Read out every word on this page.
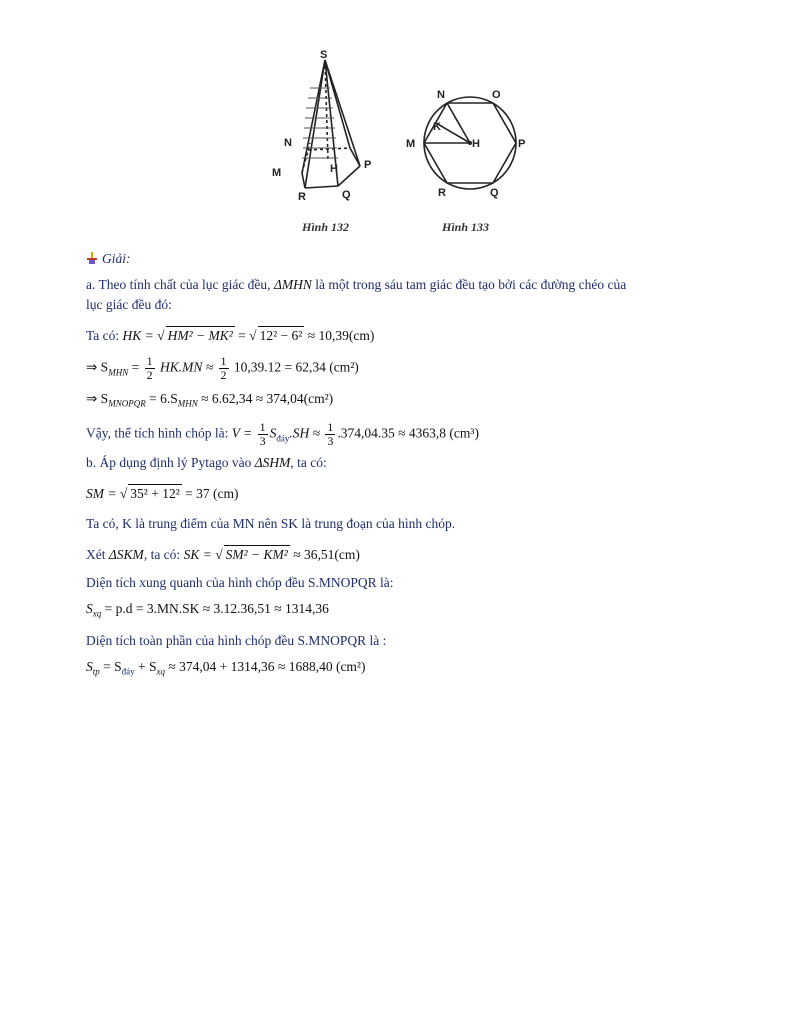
S
N
M
R
H
Q
P
N	O
K
M	H	P
R	Q
Hình 132	Hình 133

Giải:

a. Theo tính chất của lục giác đều, ΔMHN là một trong sáu tam giác đều tạo bởi các đường chéo của

lục giác đều đó:

Ta có: HK = √ HM² − MK² = √ 12² − 6² ≈ 10,39(cm)

⇒ $S_{MHN} = \frac{1}{2} HK.MN \approx \frac{1}{2} 10,39.12 = 62,34$ (cm²)

⇒ $S_{MNOPQR} = 6.S_{MHN} \approx 6.62,34 \approx 374,04(cm^2)$

Vậy, thể tích hình chóp là: $V = \frac{1}{3} S_{đáy}.SH \approx \frac{1}{3} .374,04.35 \approx 4363,8$ (cm³)

b. Áp dụng định lý Pytago vào ΔSHM, ta có:

SM = √ 35² + 12² = 37 (cm)

Ta có, K là trung điểm của MN nên SK là trung đoạn của hình chóp.

Xét ΔSKM, ta có: SK = √ SM² − KM² ≈ 36,51(cm)

Diện tích xung quanh của hình chóp đều S.MNOPQR là:

$S_{xq} = p.d = 3.MN.SK \approx 3.12.36,51 \approx 1314,36$

Diện tích toàn phần của hình chóp đều S.MNOPQR là :

$S_{tp} = S_{đáy} + S_{xq} \approx 374,04 + 1314,36 \approx 1688,40$ (cm²)
